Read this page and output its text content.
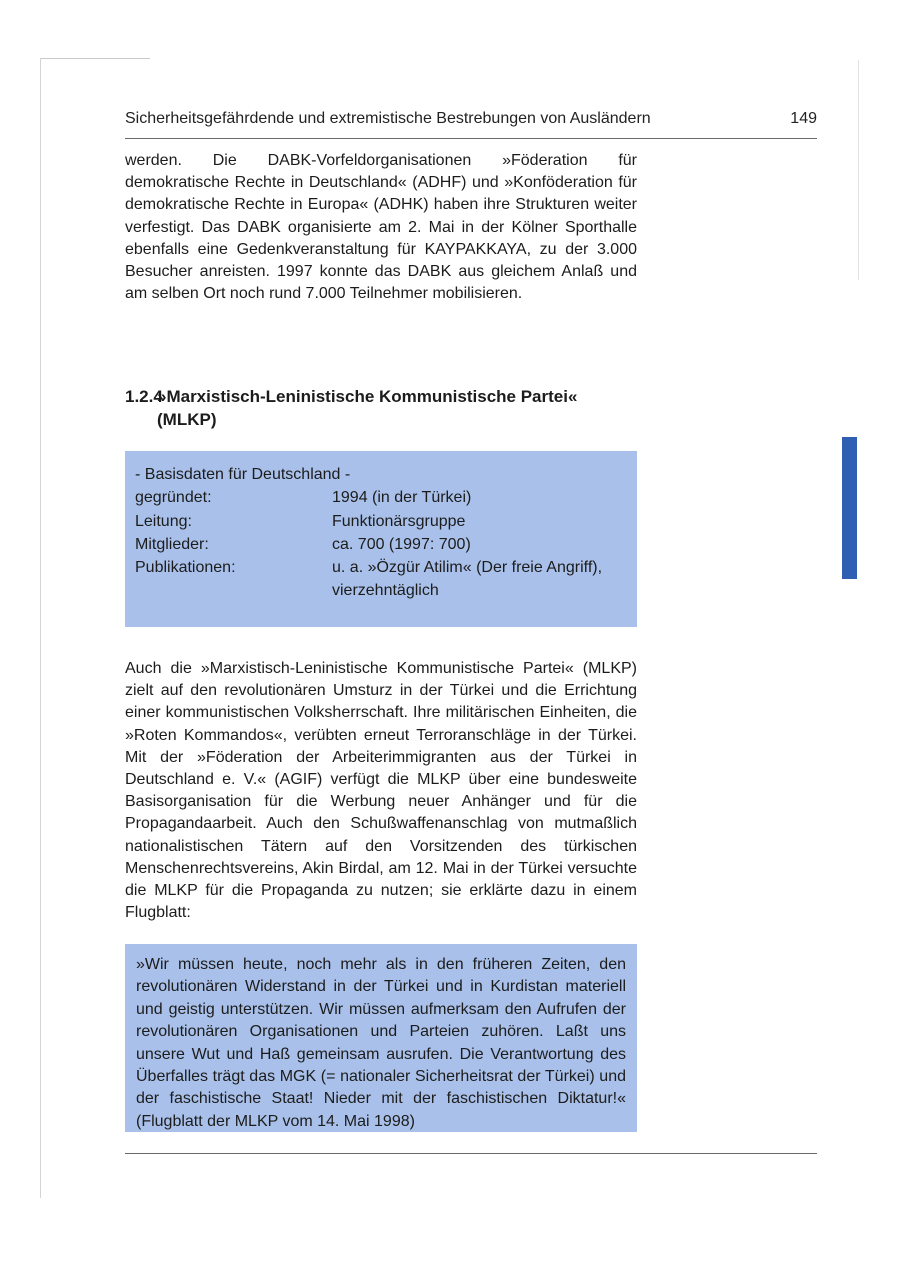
Sicherheitsgefährdende und extremistische Bestrebungen von Ausländern	149

werden. Die DABK-Vorfeldorganisationen »Föderation für demokratische Rechte in Deutschland« (ADHF) und »Konföderation für demokratische Rechte in Europa« (ADHK) haben ihre Strukturen weiter verfestigt. Das DABK organisierte am 2. Mai in der Kölner Sporthalle ebenfalls eine Gedenkveranstaltung für KAYPAKKAYA, zu der 3.000 Besucher anreisten. 1997 konnte das DABK aus gleichem Anlaß und am selben Ort noch rund 7.000 Teilnehmer mobilisieren.

1.2.4»Marxistisch-Leninistische Kommunistische Partei«
(MLKP)
- Basisdaten für Deutschland -
gegründet:	1994 (in der Türkei)
Leitung:	Funktionärsgruppe
Mitglieder:	ca. 700 (1997: 700)
Publikationen:	u. a. »Özgür Atilim« (Der freie Angriff), vierzehntäglich

Auch die »Marxistisch-Leninistische Kommunistische Partei« (MLKP) zielt auf den revolutionären Umsturz in der Türkei und die Errichtung einer kommunistischen Volksherrschaft. Ihre militärischen Einheiten, die »Roten Kommandos«, verübten erneut Terroranschläge in der Türkei. Mit der »Föderation der Arbeiterimmigranten aus der Türkei in Deutschland e. V.« (AGIF) verfügt die MLKP über eine bundesweite Basisorganisation für die Werbung neuer Anhänger und für die Propagandaarbeit. Auch den Schußwaffenanschlag von mutmaßlich nationalistischen Tätern auf den Vorsitzenden des türkischen Menschenrechtsvereins, Akin Birdal, am 12. Mai in der Türkei versuchte die MLKP für die Propaganda zu nutzen; sie erklärte dazu in einem Flugblatt:

»Wir müssen heute, noch mehr als in den früheren Zeiten, den revolutionären Widerstand in der Türkei und in Kurdistan materiell und geistig unterstützen. Wir müssen aufmerksam den Aufrufen der revolutionären Organisationen und Parteien zuhören. Laßt uns unsere Wut und Haß gemeinsam ausrufen. Die Verantwortung des Überfalles trägt das MGK (= nationaler Sicherheitsrat der Türkei) und der faschistische Staat! Nieder mit der faschistischen Diktatur!« (Flugblatt der MLKP vom 14. Mai 1998)
